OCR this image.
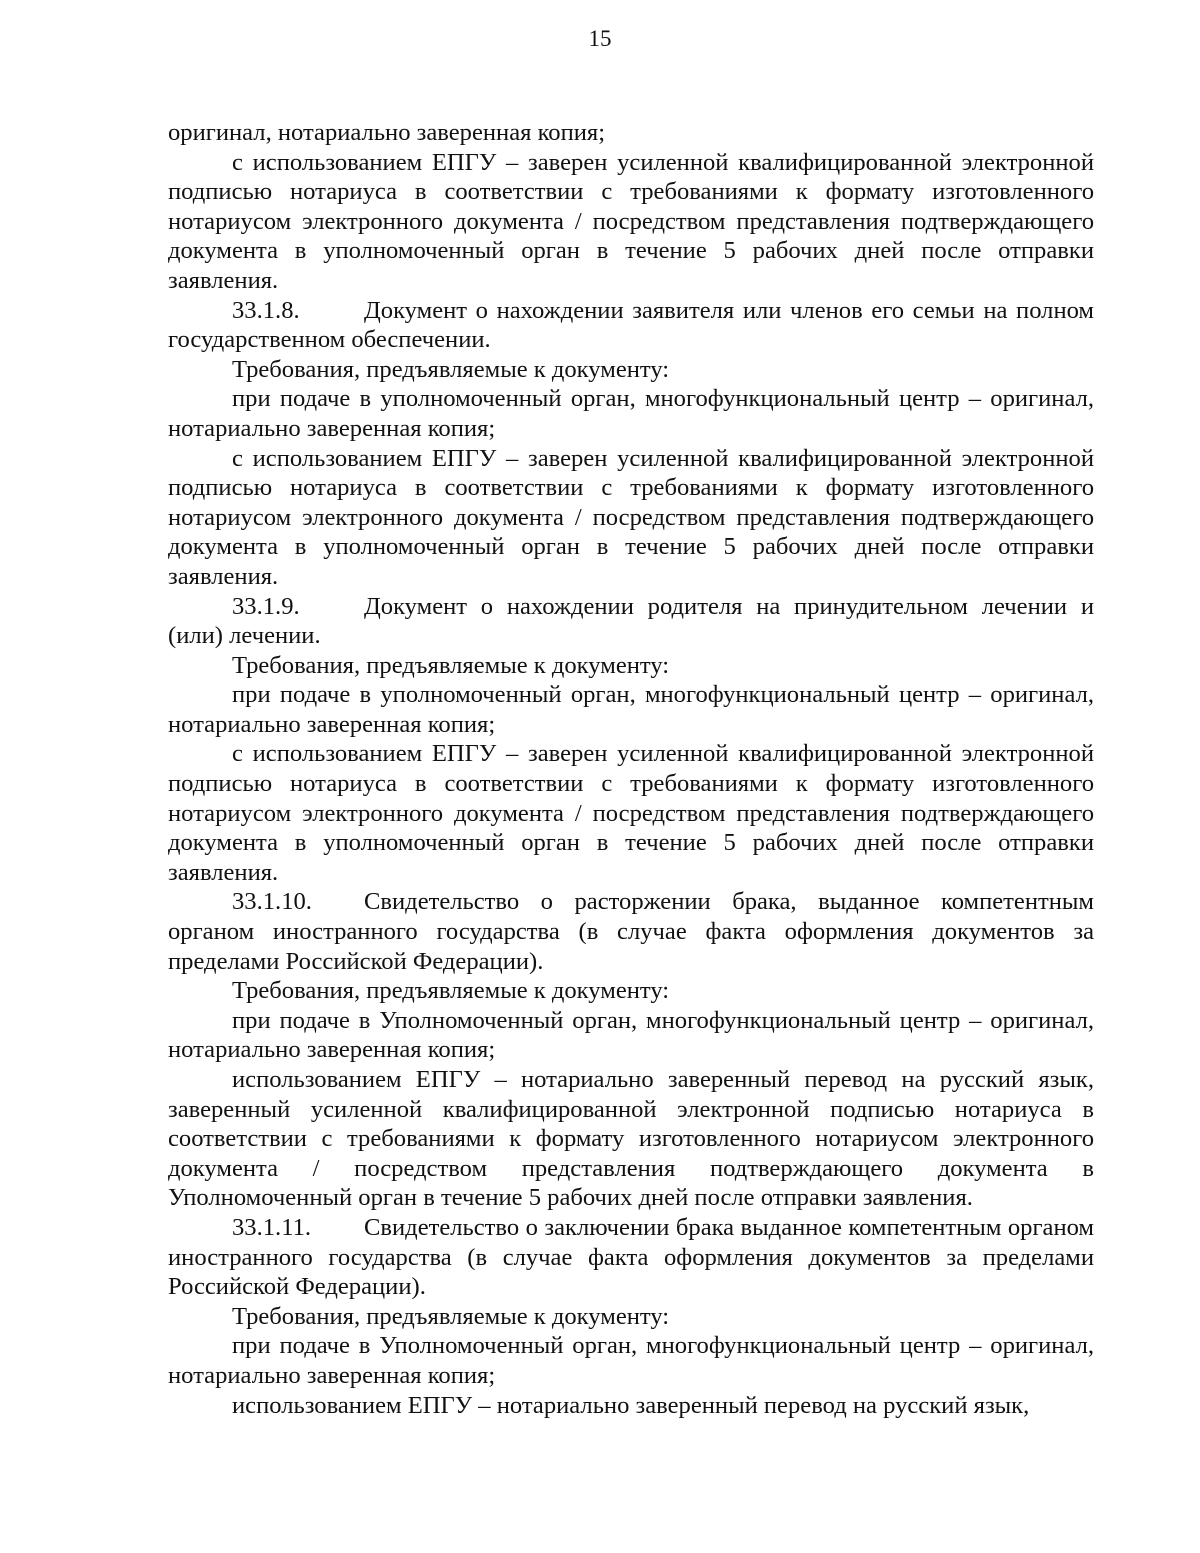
15

оригинал, нотариально заверенная копия;

с использованием ЕПГУ – заверен усиленной квалифицированной электронной подписью нотариуса в соответствии с требованиями к формату изготовленного нотариусом электронного документа / посредством представления подтверждающего документа в уполномоченный орган в течение 5 рабочих дней после отправки заявления.

33.1.8.	Документ о нахождении заявителя или членов его семьи на полном государственном обеспечении.

Требования, предъявляемые к документу:

при подаче в уполномоченный орган, многофункциональный центр – оригинал, нотариально заверенная копия;

с использованием ЕПГУ – заверен усиленной квалифицированной электронной подписью нотариуса в соответствии с требованиями к формату изготовленного нотариусом электронного документа / посредством представления подтверждающего документа в уполномоченный орган в течение 5 рабочих дней после отправки заявления.

33.1.9.	Документ о нахождении родителя на принудительном лечении и (или) лечении.

Требования, предъявляемые к документу:

при подаче в уполномоченный орган, многофункциональный центр – оригинал, нотариально заверенная копия;

с использованием ЕПГУ – заверен усиленной квалифицированной электронной подписью нотариуса в соответствии с требованиями к формату изготовленного нотариусом электронного документа / посредством представления подтверждающего документа в уполномоченный орган в течение 5 рабочих дней после отправки заявления.

33.1.10. Свидетельство о расторжении брака, выданное компетентным органом иностранного государства (в случае факта оформления документов за пределами Российской Федерации).

Требования, предъявляемые к документу:

при подаче в Уполномоченный орган, многофункциональный центр – оригинал, нотариально заверенная копия;

использованием ЕПГУ – нотариально заверенный перевод на русский язык, заверенный усиленной квалифицированной электронной подписью нотариуса в соответствии с требованиями к формату изготовленного нотариусом электронного документа / посредством представления подтверждающего документа в Уполномоченный орган в течение 5 рабочих дней после отправки заявления.

33.1.11. Свидетельство о заключении брака выданное компетентным органом иностранного государства (в случае факта оформления документов за пределами Российской Федерации).

Требования, предъявляемые к документу:

при подаче в Уполномоченный орган, многофункциональный центр – оригинал, нотариально заверенная копия;

использованием ЕПГУ – нотариально заверенный перевод на русский язык,
